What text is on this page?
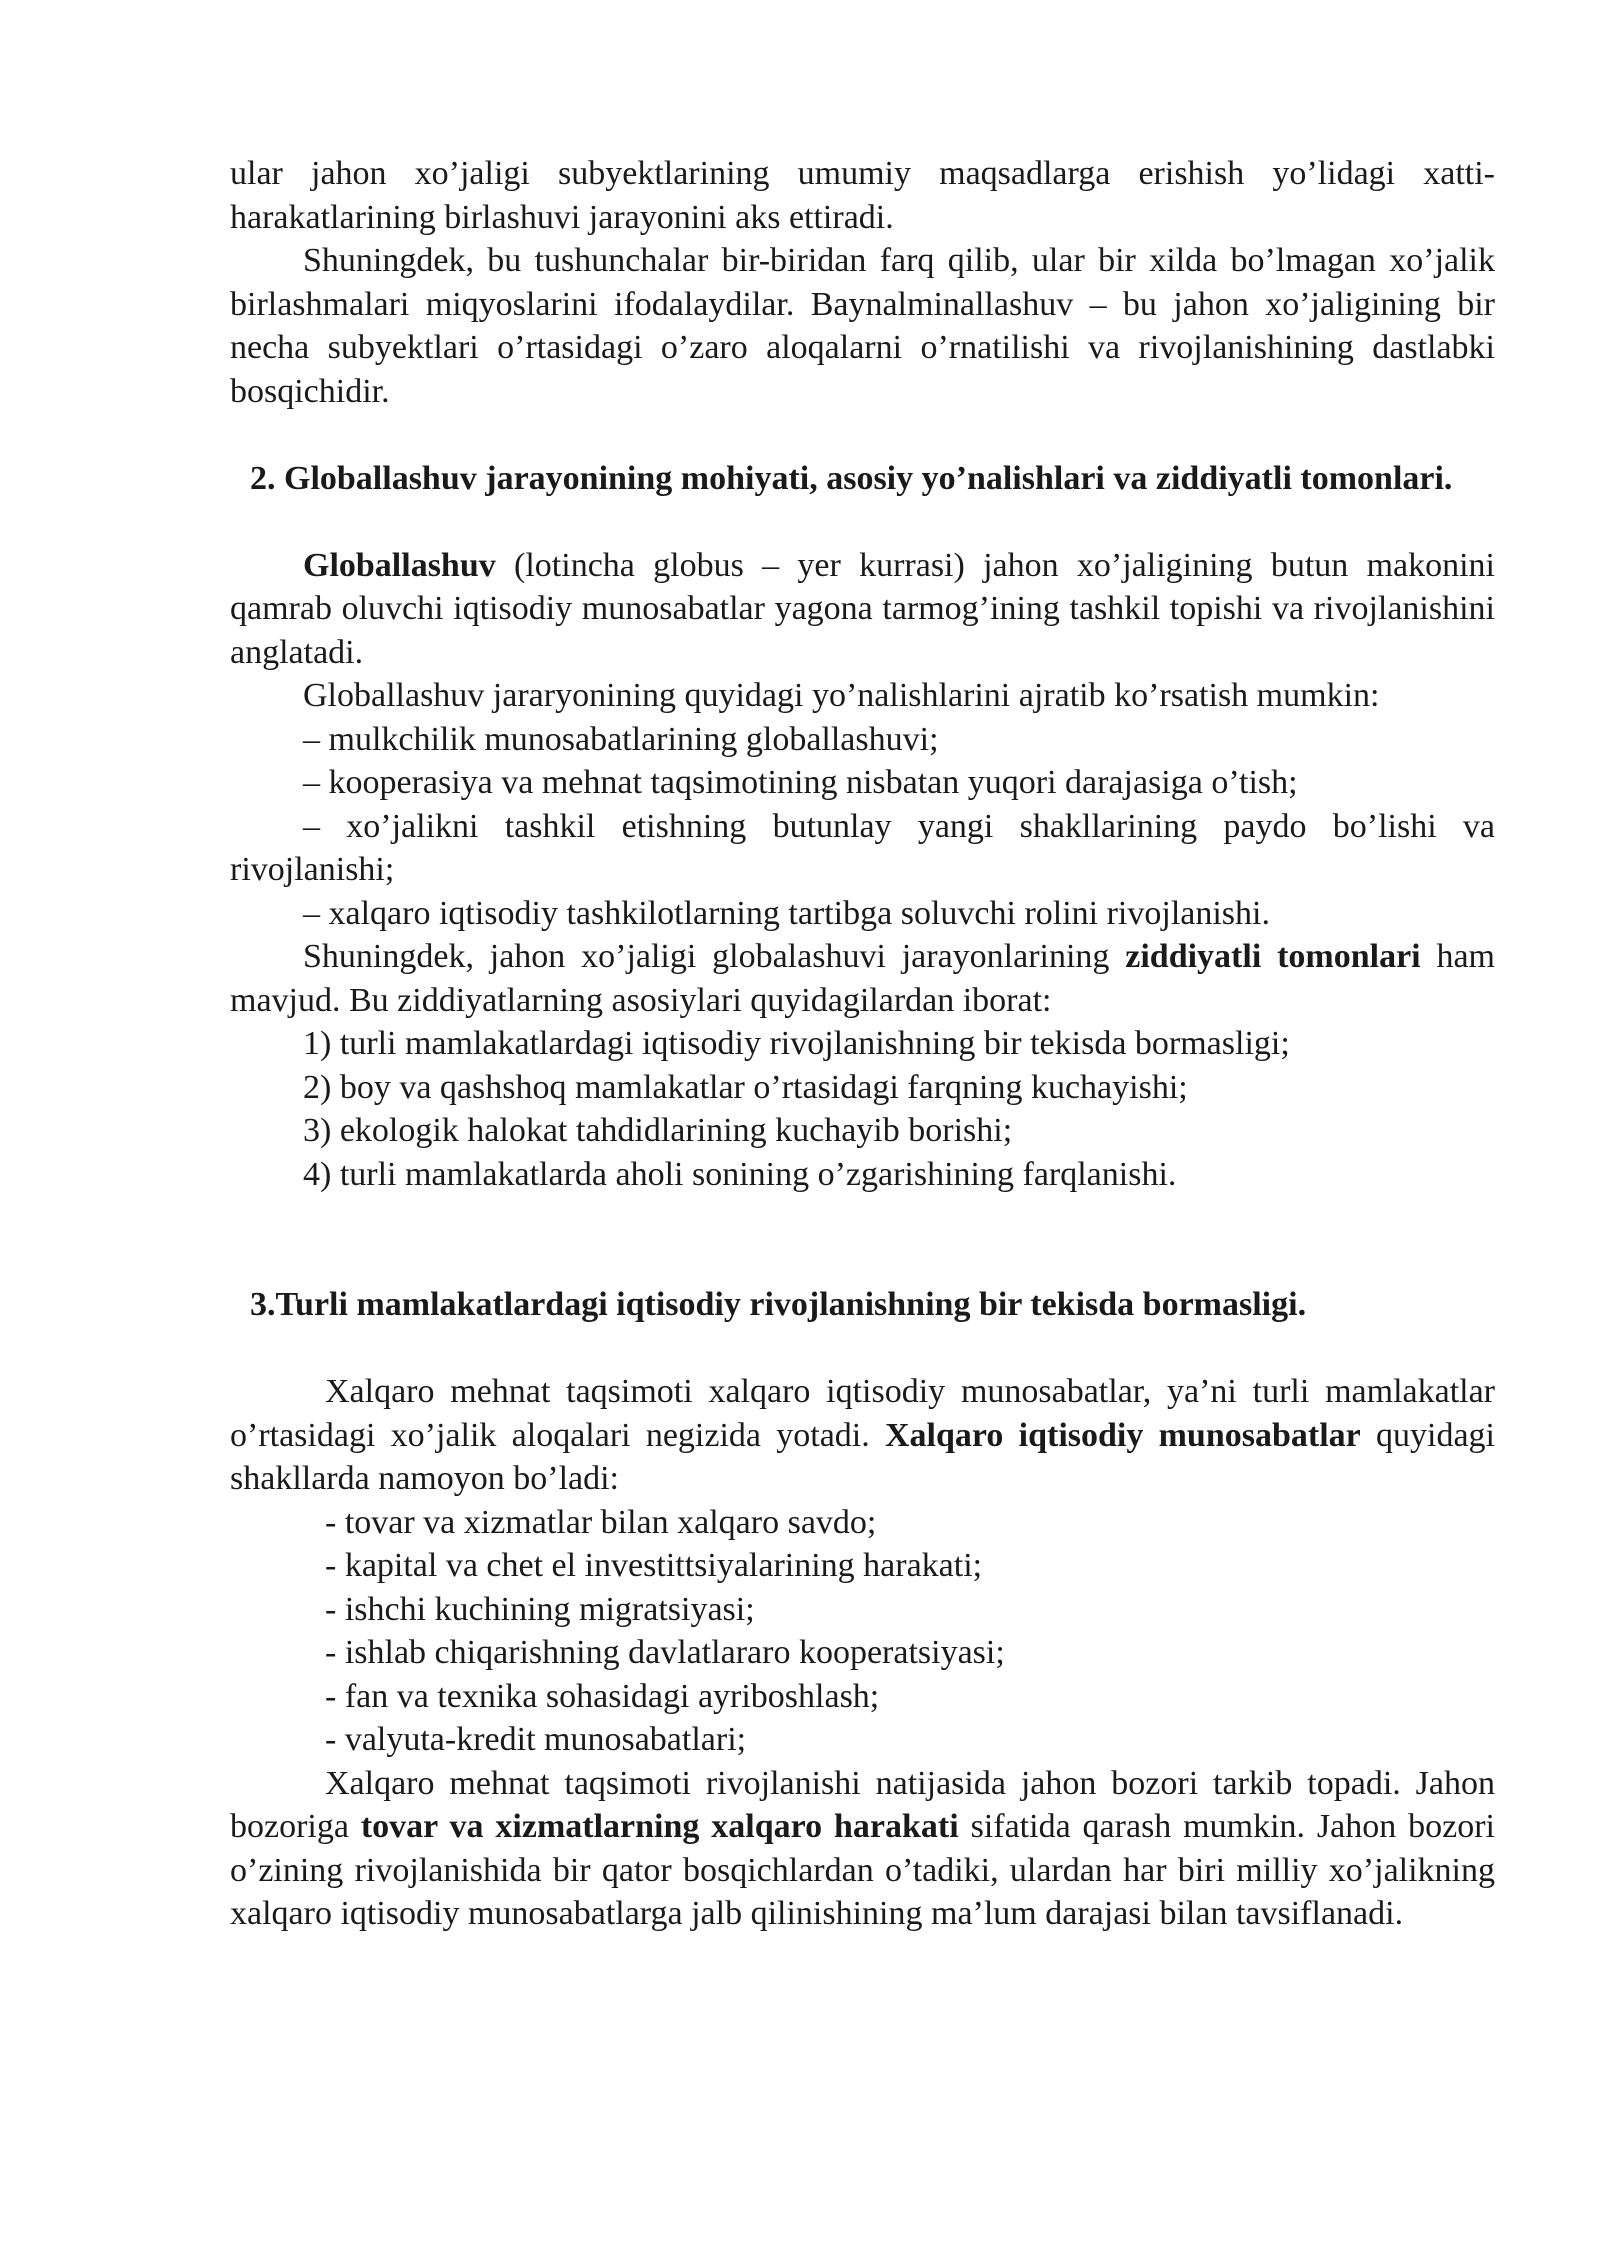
ular jahon xo’jaligi subyektlarining umumiy maqsadlarga erishish yo’lidagi xatti-harakatlarining birlashuvi jarayonini aks ettiradi.

Shuningdek, bu tushunchalar bir-biridan farq qilib, ular bir xilda bo’lmagan xo’jalik birlashmalari miqyoslarini ifodalaydilar. Baynalminallashuv – bu jahon xo’jaligining bir necha subyektlari o’rtasidagi o’zaro aloqalarni o’rnatilishi va rivojlanishining dastlabki bosqichidir.

2. Globallashuv jarayonining mohiyati, asosiy yo’nalishlari va ziddiyatli tomonlari.

Globallashuv (lotincha globus – yer kurrasi) jahon xo’jaligining butun makonini qamrab oluvchi iqtisodiy munosabatlar yagona tarmog’ining tashkil topishi va rivojlanishini anglatadi.

Globallashuv jararyonining quyidagi yo’nalishlarini ajratib ko’rsatish mumkin:

– mulkchilik munosabatlarining globallashuvi;

– kooperasiya va mehnat taqsimotining nisbatan yuqori darajasiga o’tish;

– xo’jalikni tashkil etishning butunlay yangi shakllarining paydo bo’lishi va rivojlanishi;

– xalqaro iqtisodiy tashkilotlarning tartibga soluvchi rolini rivojlanishi.

Shuningdek, jahon xo’jaligi globalashuvi jarayonlarining ziddiyatli tomonlari ham mavjud. Bu ziddiyatlarning asosiylari quyidagilardan iborat:

1) turli mamlakatlardagi iqtisodiy rivojlanishning bir tekisda bormasligi;

2) boy va qashshoq mamlakatlar o’rtasidagi farqning kuchayishi;

3) ekologik halokat tahdidlarining kuchayib borishi;

4) turli mamlakatlarda aholi sonining o’zgarishining farqlanishi.

3.Turli mamlakatlardagi iqtisodiy rivojlanishning bir tekisda bormasligi.

Xalqaro mehnat taqsimoti xalqaro iqtisodiy munosabatlar, ya’ni turli mamlakatlar o’rtasidagi xo’jalik aloqalari negizida yotadi. Xalqaro iqtisodiy munosabatlar quyidagi shakllarda namoyon bo’ladi:

- tovar va xizmatlar bilan xalqaro savdo;

- kapital va chet el investittsiyalarining harakati;

- ishchi kuchining migratsiyasi;

- ishlab chiqarishning davlatlararo kooperatsiyasi;

- fan va texnika sohasidagi ayriboshlash;

- valyuta-kredit munosabatlari;

Xalqaro mehnat taqsimoti rivojlanishi natijasida jahon bozori tarkib topadi. Jahon bozoriga tovar va xizmatlarning xalqaro harakati sifatida qarash mumkin. Jahon bozori o’zining rivojlanishida bir qator bosqichlardan o’tadiki, ulardan har biri milliy xo’jalikning xalqaro iqtisodiy munosabatlarga jalb qilinishining ma’lum darajasi bilan tavsiflanadi.
